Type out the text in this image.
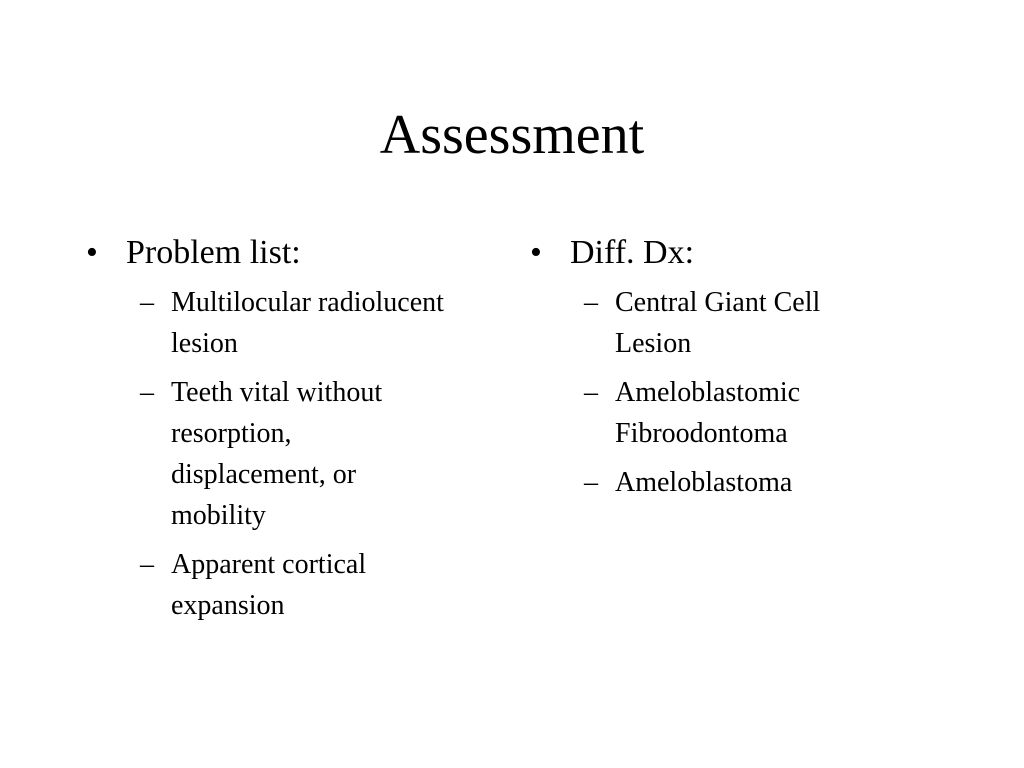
Assessment
• Problem list:
– Multilocular radiolucent lesion
– Teeth vital without resorption, displacement, or mobility
– Apparent cortical expansion
• Diff. Dx:
– Central Giant Cell Lesion
– Ameloblastomic Fibroodontoma
– Ameloblastoma
